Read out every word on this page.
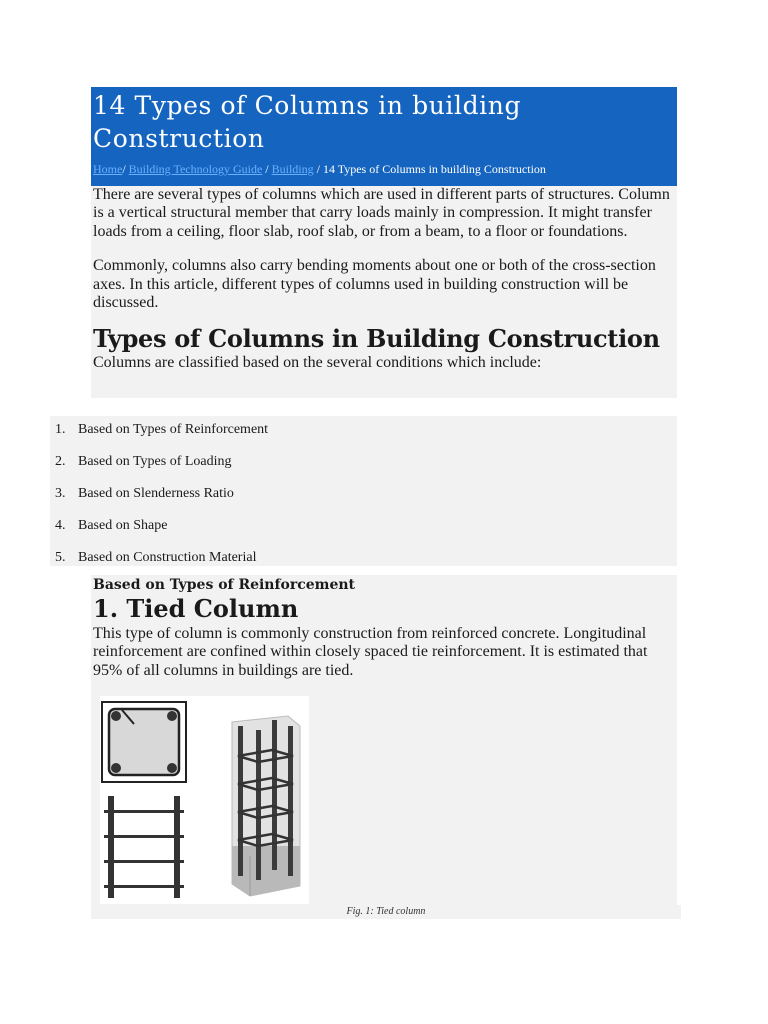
14 Types of Columns in building Construction
Home/ Building Technology Guide / Building / 14 Types of Columns in building Construction

There are several types of columns which are used in different parts of structures. Column is a vertical structural member that carry loads mainly in compression. It might transfer loads from a ceiling, floor slab, roof slab, or from a beam, to a floor or foundations.

Commonly, columns also carry bending moments about one or both of the cross-section axes. In this article, different types of columns used in building construction will be discussed.

Types of Columns in Building Construction

Columns are classified based on the several conditions which include:

1. Based on Types of Reinforcement
2. Based on Types of Loading
3. Based on Slenderness Ratio
4. Based on Shape
5. Based on Construction Material
Based on Types of Reinforcement
1. Tied Column

This type of column is commonly construction from reinforced concrete. Longitudinal reinforcement are confined within closely spaced tie reinforcement. It is estimated that 95% of all columns in buildings are tied.

Fig. 1: Tied column
